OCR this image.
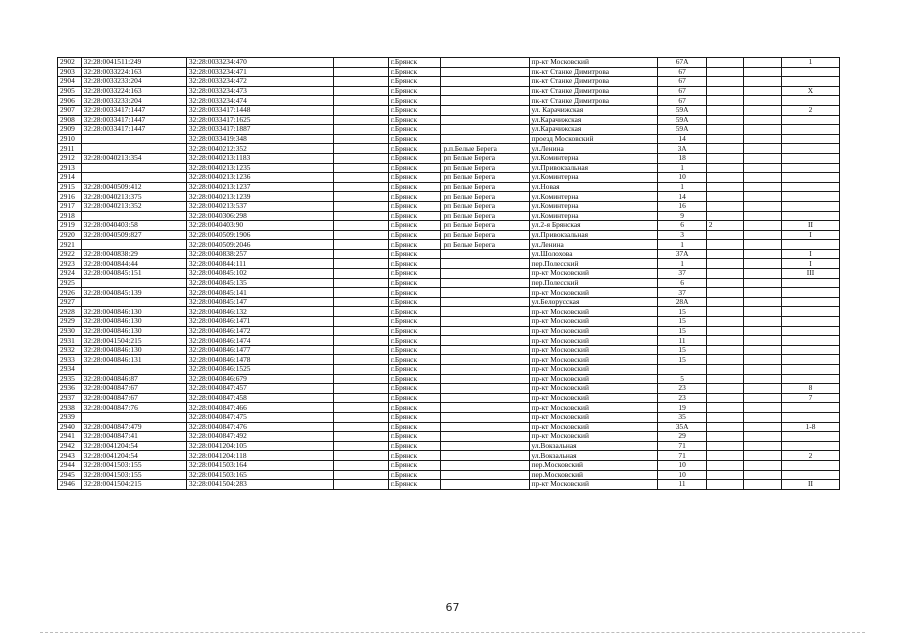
2902	32:28:0041511:249	32:28:0033234:470		г.Брянск		пр-кт Московский	67А			1
2903	32:28:0033224:163	32:28:0033234:471		г.Брянск		пк-кт Станке Димитрова	67			
2904	32:28:0033233:204	32:28:0033234:472		г.Брянск		пк-кт Станке Димитрова	67			
2905	32:28:0033224:163	32:28:0033234:473		г.Брянск		пк-кт Станке Димитрова	67			X
2906	32:28:0033233:204	32:28:0033234:474		г.Брянск		пк-кт Станке Димитрова	67			
2907	32:28:0033417:1447	32:28:0033417:1448		г.Брянск		ул. Карачижская	59А			2
2908	32:28:0033417:1447	32:28:0033417:1625		г.Брянск		ул.Карачижская	59А			
2909	32:28:0033417:1447	32:28:0033417:1887		г.Брянск		ул.Карачижская	59А			
2910		32:28:0033419:348		г.Брянск		проезд Московский	14			
2911		32:28:0040212:352		г.Брянск	р.п.Белые Берега	ул.Ленина	3А			
2912	32:28:0040213:354	32:28:0040213:1183		г.Брянск	рп Белые Берега	ул.Коминтерна	18			
2913		32:28:0040213:1235		г.Брянск	рп Белые Берега	ул.Привокзальная	1			
2914		32:28:0040213:1236		г.Брянск	рп Белые Берега	ул.Коминтерна	10			
2915	32:28:0040509:412	32:28:0040213:1237		г.Брянск	рп Белые Берега	ул.Новая	1			
2916	32:28:0040213:375	32:28:0040213:1239		г.Брянск	рп Белые Берега	ул.Коминтерна	14			
2917	32:28:0040213:352	32:28:0040213:537		г.Брянск	рп Белые Берега	ул.Коминтерна	16			
2918		32:28:0040306:298		г.Брянск	рп Белые Берега	ул.Коминтерна	9			
2919	32:28:0040403:58	32:28:0040403:90		г.Брянск	рп Белые Берега	ул.2-я Брянская	6	2		II
2920	32:28:0040509:827	32:28:0040509:1906		г.Брянск	рп Белые Берега	ул.Привокзальная	3			I
2921		32:28:0040509:2046		г.Брянск	рп Белые Берега	ул.Ленина	1			
2922	32:28:0040838:29	32:28:0040838:257		г.Брянск		ул.Шолохова	37А			I
2923	32:28:0040844:44	32:28:0040844:111		г.Брянск		пер.Полесский	1			I
2924	32:28:0040845:151	32:28:0040845:102		г.Брянск		пр-кт Московский	37			III
2925		32:28:0040845:135		г.Брянск		пер.Полесский	6			
2926	32:28:0040845:139	32:28:0040845:141		г.Брянск		пр-кт Московский	37			
2927		32:28:0040845:147		г.Брянск		ул.Белорусская	28А			
2928	32:28:0040846:130	32:28:0040846:132		г.Брянск		пр-кт Московский	15			
2929	32:28:0040846:130	32:28:0040846:1471		г.Брянск		пр-кт Московский	15			
2930	32:28:0040846:130	32:28:0040846:1472		г.Брянск		пр-кт Московский	15			
2931	32:28:0041504:215	32:28:0040846:1474		г.Брянск		пр-кт Московский	11			
2932	32:28:0040846:130	32:28:0040846:1477		г.Брянск		пр-кт Московский	15			
2933	32:28:0040846:131	32:28:0040846:1478		г.Брянск		пр-кт Московский	15			
2934		32:28:0040846:1525		г.Брянск		пр-кт Московский				
2935	32:28:0040846:87	32:28:0040846:679		г.Брянск		пр-кт Московский	5			
2936	32:28:0040847:67	32:28:0040847:457		г.Брянск		пр-кт Московский	23			8
2937	32:28:0040847:67	32:28:0040847:458		г.Брянск		пр-кт Московский	23			7
2938	32:28:0040847:76	32:28:0040847:466		г.Брянск		пр-кт Московский	19			
2939		32:28:0040847:475		г.Брянск		пр-кт Московский	35			
2940	32:28:0040847:479	32:28:0040847:476		г.Брянск		пр-кт Московский	35А			1-8
2941	32:28:0040847:41	32:28:0040847:492		г.Брянск		пр-кт Московский	29			
2942	32:28:0041204:54	32:28:0041204:105		г.Брянск		ул.Вокзальная	71			
2943	32:28:0041204:54	32:28:0041204:118		г.Брянск		ул.Вокзальная	71			2
2944	32:28:0041503:155	32:28:0041503:164		г.Брянск		пер.Московский	10			
2945	32:28:0041503:155	32:28:0041503:165		г.Брянск		пер.Московский	10			
2946	32:28:0041504:215	32:28:0041504:283		г.Брянск		пр-кт Московский	11			II
67
